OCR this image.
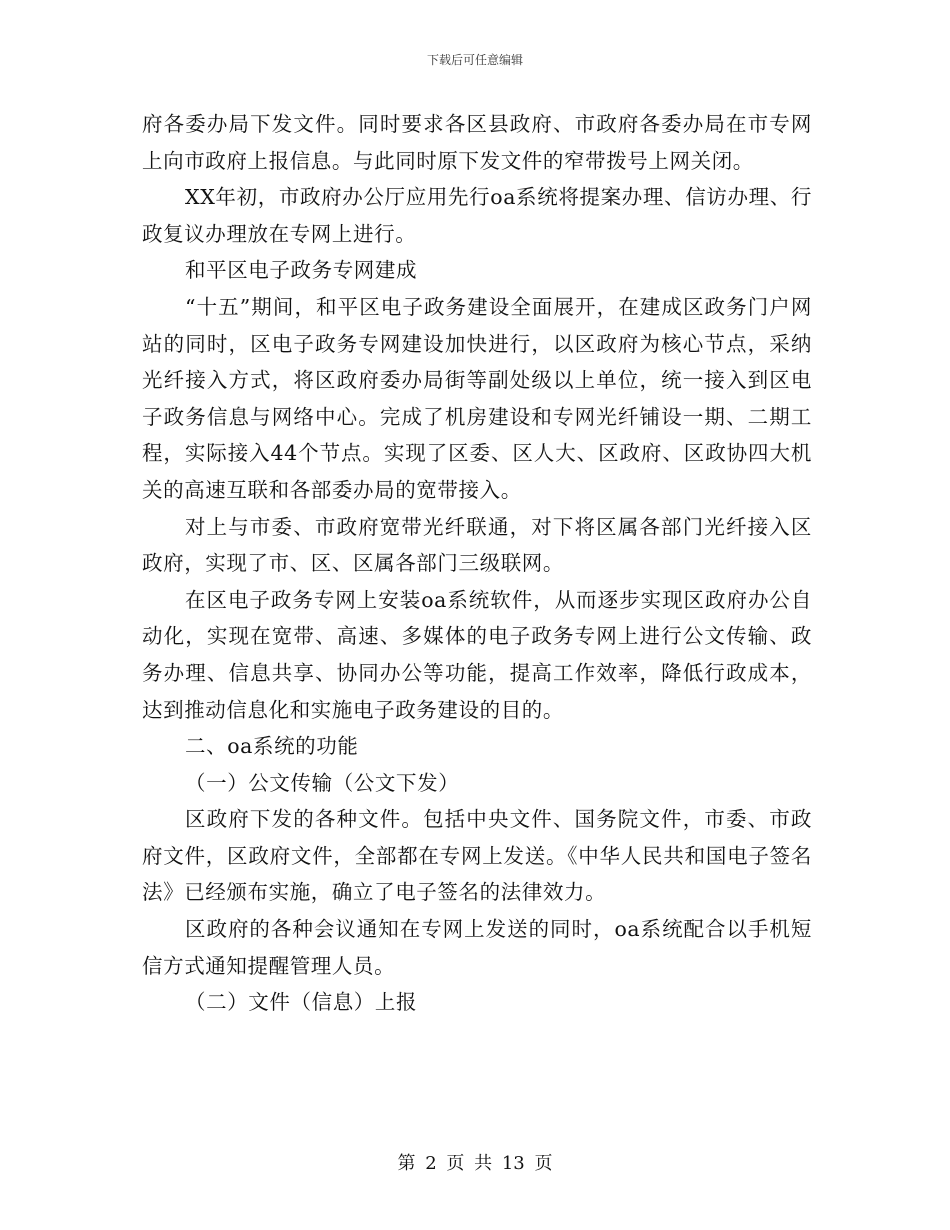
下载后可任意编辑

府各委办局下发文件。同时要求各区县政府、市政府各委办局在市专网上向市政府上报信息。与此同时原下发文件的窄带拨号上网关闭。

XX年初，市政府办公厅应用先行oa系统将提案办理、信访办理、行政复议办理放在专网上进行。

和平区电子政务专网建成

“十五”期间，和平区电子政务建设全面展开，在建成区政务门户网站的同时，区电子政务专网建设加快进行，以区政府为核心节点，采纳光纤接入方式，将区政府委办局街等副处级以上单位，统一接入到区电子政务信息与网络中心。完成了机房建设和专网光纤铺设一期、二期工程，实际接入44个节点。实现了区委、区人大、区政府、区政协四大机关的高速互联和各部委办局的宽带接入。

对上与市委、市政府宽带光纤联通，对下将区属各部门光纤接入区政府，实现了市、区、区属各部门三级联网。

在区电子政务专网上安装oa系统软件，从而逐步实现区政府办公自动化，实现在宽带、高速、多媒体的电子政务专网上进行公文传输、政务办理、信息共享、协同办公等功能，提高工作效率，降低行政成本，达到推动信息化和实施电子政务建设的目的。

二、oa系统的功能

（一）公文传输（公文下发）

区政府下发的各种文件。包括中央文件、国务院文件，市委、市政府文件，区政府文件，全部都在专网上发送。《中华人民共和国电子签名法》已经颁布实施，确立了电子签名的法律效力。

区政府的各种会议通知在专网上发送的同时，oa系统配合以手机短信方式通知提醒管理人员。

（二）文件（信息）上报

第 2 页 共 13 页
